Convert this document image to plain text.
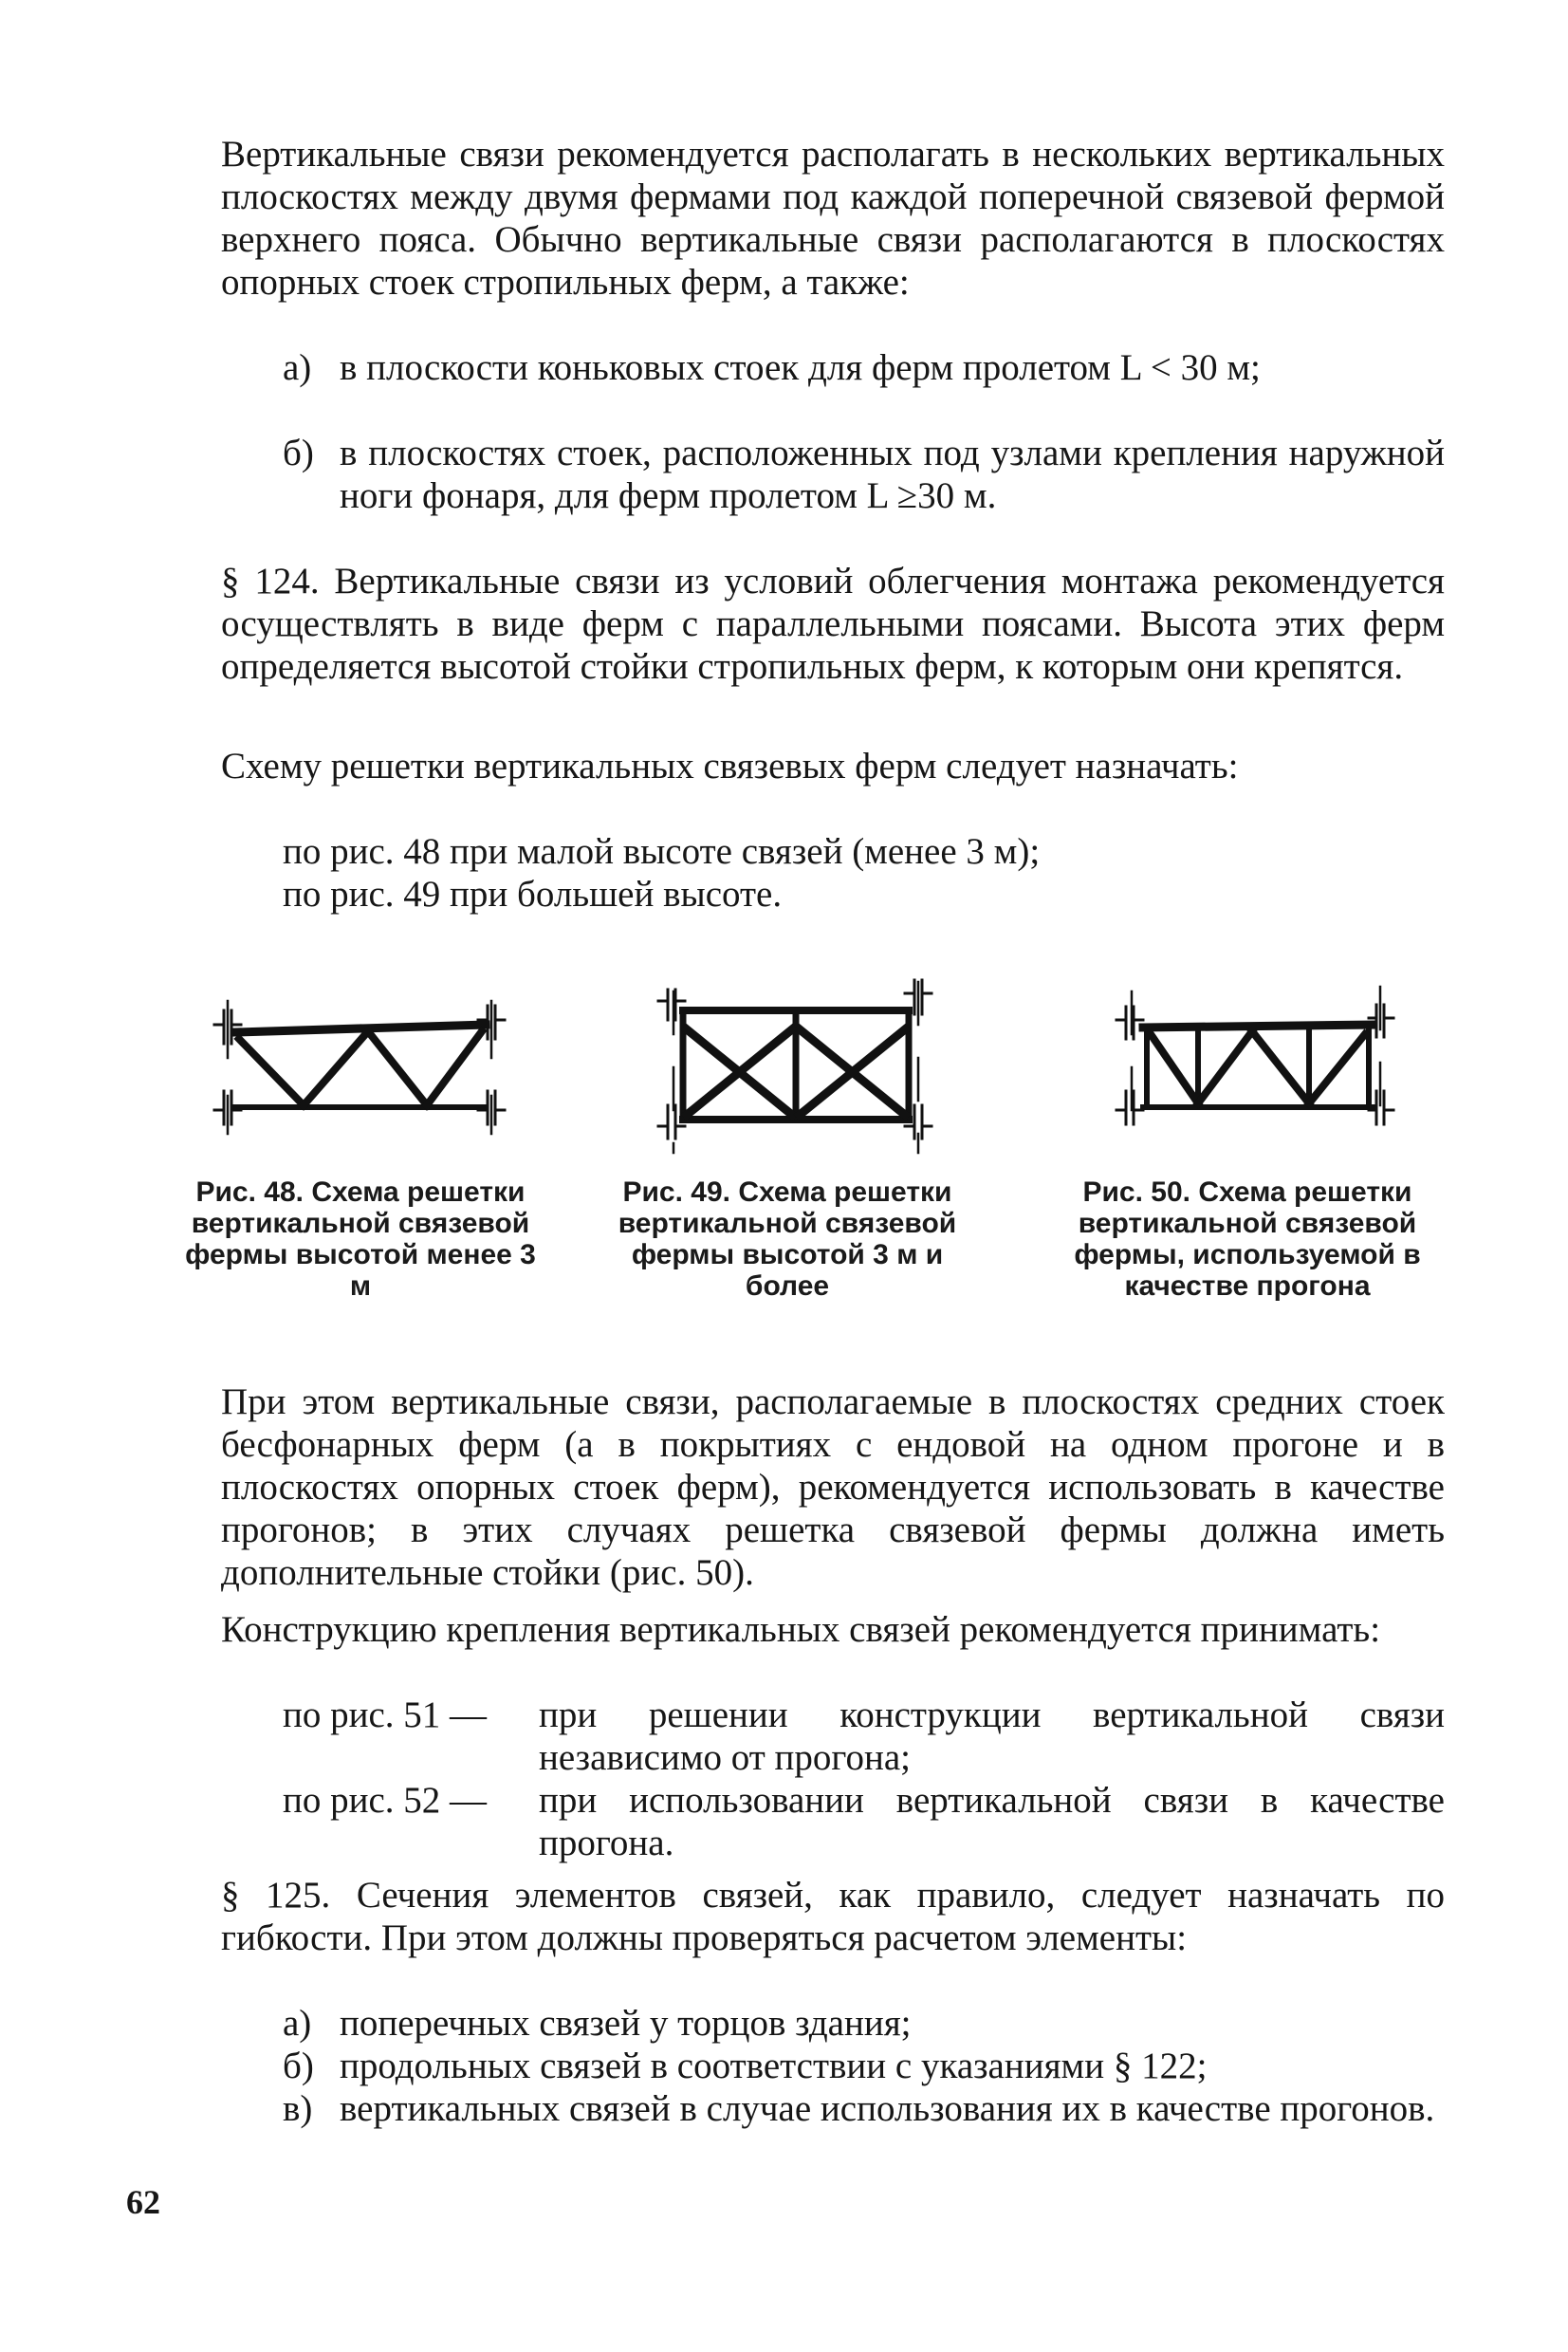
Вертикальные связи рекомендуется располагать в нескольких вертикальных плоскостях между двумя фермами под каждой поперечной связевой фермой верхнего пояса. Обычно вертикальные связи располагаются в плоскостях опорных стоек стропильных ферм, а также:

а) в плоскости коньковых стоек для ферм пролетом L < 30 м;
б) в плоскостях стоек, расположенных под узлами крепления наружной ноги фонаря, для ферм пролетом L ≥30 м.

§ 124. Вертикальные связи из условий облегчения монтажа рекомендуется осуществлять в виде ферм с параллельными поясами. Высота этих ферм определяется высотой стойки стропильных ферм, к которым они крепятся.

Схему решетки вертикальных связевых ферм следует назначать:

по рис. 48 при малой высоте связей (менее 3 м);
по рис. 49 при большей высоте.
Рис. 48. Схема решетки вертикальной связевой фермы высотой менее 3 м
Рис. 49. Схема решетки вертикальной связевой фермы высотой 3 м и более
Рис. 50. Схема решетки вертикальной связевой фермы, используемой в качестве прогона

При этом вертикальные связи, располагаемые в плоскостях средних стоек бесфонарных ферм (а в покрытиях с ендовой на одном прогоне и в плоскостях опорных стоек ферм), рекомендуется использовать в качестве прогонов; в этих случаях решетка связевой фермы должна иметь дополнительные стойки (рис. 50).

Конструкцию крепления вертикальных связей рекомендуется принимать:

по рис. 51 — при решении конструкции вертикальной связи независимо от прогона;
по рис. 52 — при использовании вертикальной связи в качестве прогона.

§ 125. Сечения элементов связей, как правило, следует назначать по гибкости. При этом должны проверяться расчетом элементы:

а) поперечных связей у торцов здания;
б) продольных связей в соответствии с указаниями § 122;
в) вертикальных связей в случае использования их в качестве прогонов.
62
